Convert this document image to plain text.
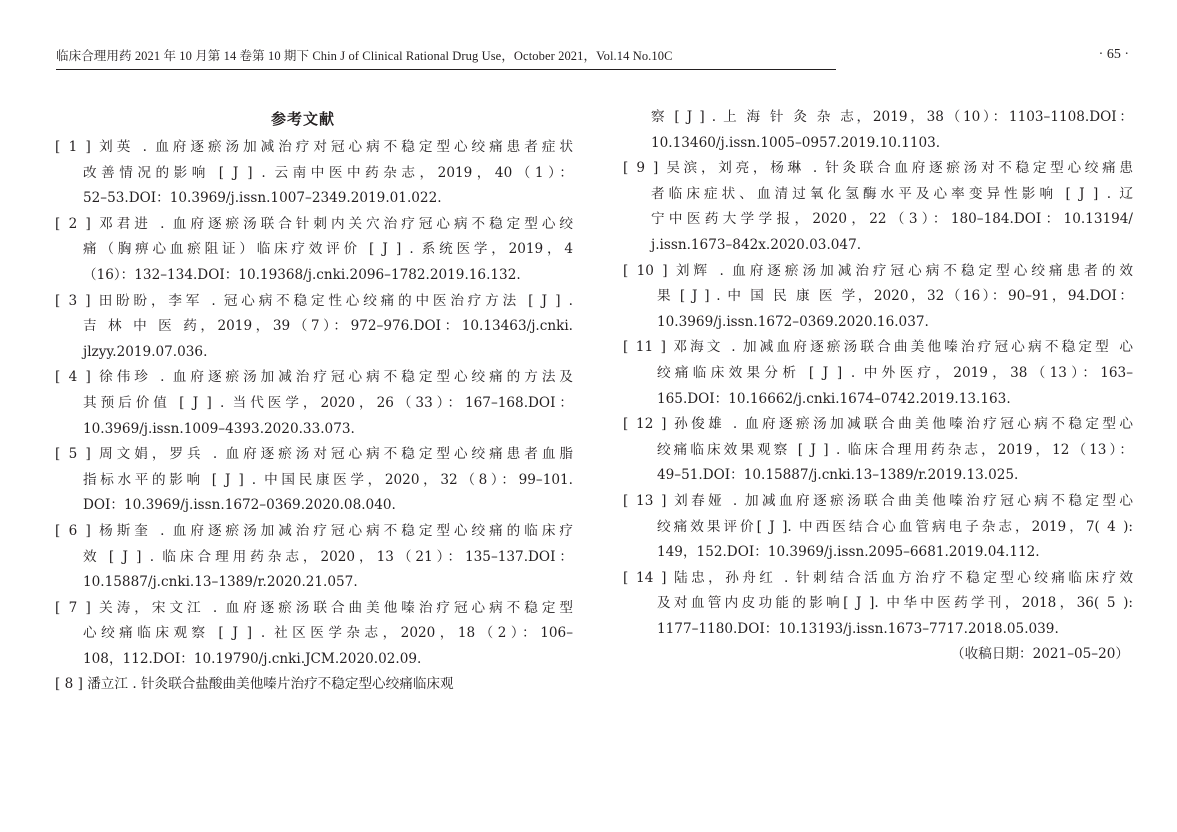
临床合理用药 2021 年 10 月第 14 卷第 10 期下 Chin J of Clinical Rational Drug Use，October 2021，Vol.14 No.10C	· 65 ·
参考文献
[ 1 ] 刘英 . 血府逐瘀汤加减治疗对冠心病不稳定型心绞痛患者症状
改善情况的影响 [ J ] . 云南中医中药杂志，2019，40（1）：
52–53.DOI：10.3969/j.issn.1007–2349.2019.01.022.
[ 2 ] 邓君进 . 血府逐瘀汤联合针刺内关穴治疗冠心病不稳定型心绞
痛（胸痹心血瘀阻证）临床疗效评价 [ J ] . 系统医学，2019，4
（16）：132–134.DOI：10.19368/j.cnki.2096–1782.2019.16.132.
[ 3 ] 田盼盼，李军 . 冠心病不稳定性心绞痛的中医治疗方法 [ J ] .
吉 林 中 医 药，2019，39（7）：972–976.DOI：10.13463/j.cnki.
jlzyy.2019.07.036.
[ 4 ] 徐伟珍 . 血府逐瘀汤加减治疗冠心病不稳定型心绞痛的方法及
其预后价值 [ J ] . 当代医学，2020，26（33）：167–168.DOI：
10.3969/j.issn.1009–4393.2020.33.073.
[ 5 ] 周文娟，罗兵 . 血府逐瘀汤对冠心病不稳定型心绞痛患者血脂
指标水平的影响 [ J ] . 中国民康医学，2020，32（8）：99–101.
DOI：10.3969/j.issn.1672–0369.2020.08.040.
[ 6 ] 杨斯奎 . 血府逐瘀汤加减治疗冠心病不稳定型心绞痛的临床疗
效 [ J ] . 临床合理用药杂志，2020，13（21）：135–137.DOI：
10.15887/j.cnki.13–1389/r.2020.21.057.
[ 7 ] 关涛，宋文江 . 血府逐瘀汤联合曲美他嗪治疗冠心病不稳定型
心绞痛临床观察 [ J ] . 社区医学杂志，2020，18（2）：106–
108，112.DOI：10.19790/j.cnki.JCM.2020.02.09.
[ 8 ] 潘立江 . 针灸联合盐酸曲美他嗪片治疗不稳定型心绞痛临床观
察 [ J ] . 上 海 针 灸 杂 志，2019，38（10）：1103–1108.DOI：
10.13460/j.issn.1005–0957.2019.10.1103.
[ 9 ] 吴滨，刘亮，杨琳 . 针灸联合血府逐瘀汤对不稳定型心绞痛患
者临床症状、血清过氧化氢酶水平及心率变异性影响 [ J ] . 辽
宁中医药大学学报，2020，22（3）：180–184.DOI：10.13194/
j.issn.1673–842x.2020.03.047.
[ 10 ] 刘辉 . 血府逐瘀汤加减治疗冠心病不稳定型心绞痛患者的效
果 [ J ] . 中 国 民 康 医 学，2020，32（16）：90–91，94.DOI：
10.3969/j.issn.1672–0369.2020.16.037.
[ 11 ] 邓海文 . 加减血府逐瘀汤联合曲美他嗪治疗冠心病不稳定型 心
绞痛临床效果分析 [ J ] . 中外医疗，2019，38（13）：163–
165.DOI：10.16662/j.cnki.1674–0742.2019.13.163.
[ 12 ] 孙俊雄 . 血府逐瘀汤加减联合曲美他嗪治疗冠心病不稳定型心
绞痛临床效果观察 [ J ] . 临床合理用药杂志，2019，12（13）：
49–51.DOI：10.15887/j.cnki.13–1389/r.2019.13.025.
[ 13 ] 刘春娅 . 加减血府逐瘀汤联合曲美他嗪治疗冠心病不稳定型心
绞痛效果评价[ J ]. 中西医结合心血管病电子杂志，2019，7( 4 ):
149，152.DOI：10.3969/j.issn.2095–6681.2019.04.112.
[ 14 ] 陆忠，孙舟红 . 针刺结合活血方治疗不稳定型心绞痛临床疗效
及对血管内皮功能的影响[ J ]. 中华中医药学刊，2018，36( 5 ):
1177–1180.DOI：10.13193/j.issn.1673–7717.2018.05.039.
（收稿日期：2021–05–20）
